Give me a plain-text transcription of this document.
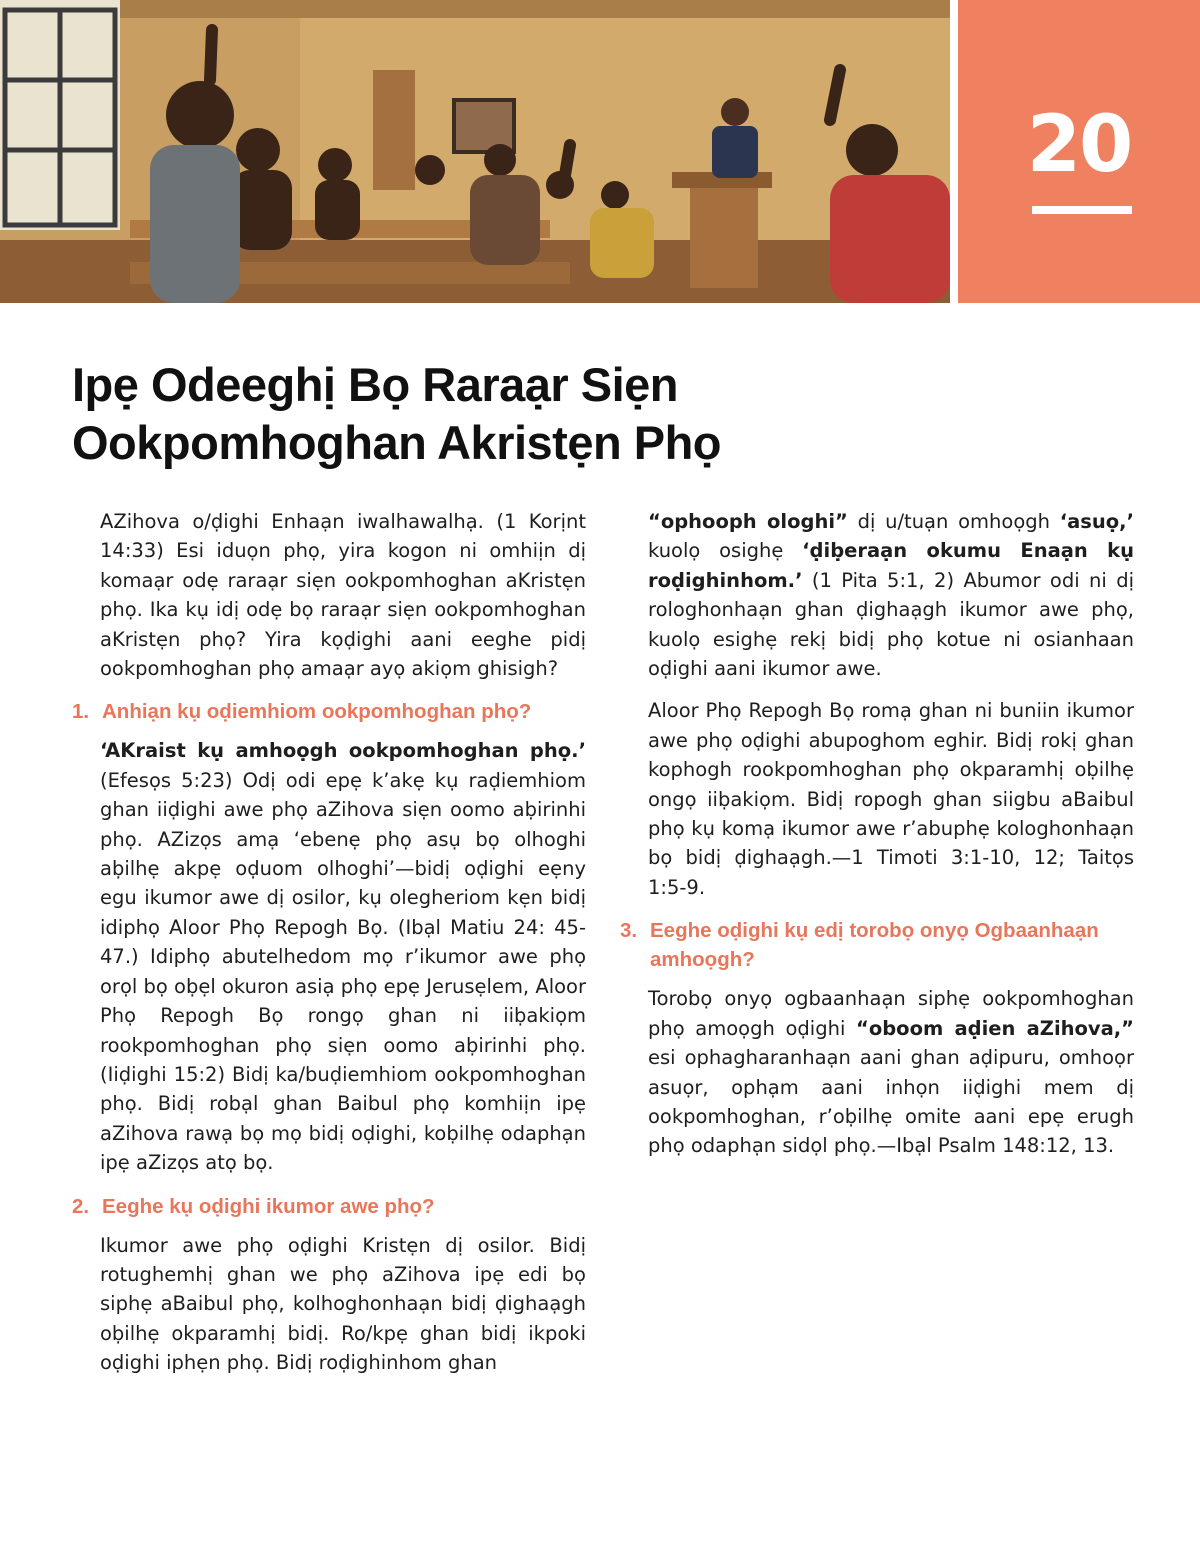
20
Ipẹ Odeeghị Bọ Raraạr Siẹn
Ookpomhoghan Akristẹn Phọ

AZihova o/ḍighi Enhaạn iwalhawalhạ. (1 Korịnt 14:33) Esi iduọn phọ, yira kogon ni omhiịn dị komaạr odẹ raraạr siẹn ookpomhoghan aKristẹn phọ. Ika kụ idị odẹ bọ raraạr siẹn ookpomhoghan aKristẹn phọ? Yira kọḍighi aani eeghe pidị ookpomhoghan phọ amaạr ayọ akiọm ghisigh?

1. Anhiạn kụ oḍiemhiom ookpomhoghan phọ?

‘AKraist kụ amhoọgh ookpomhoghan phọ.’ (Efesọs 5:23) Odị odi epẹ k’akẹ kụ raḍiemhiom ghan iiḍighi awe phọ aZihova siẹn oomo aḅirinhi phọ. AZizọs amạ ‘ebenẹ phọ asụ bọ olhoghi aḅilhẹ akpẹ oḍuom olhoghi’—bidị oḍighi eẹny egu ikumor awe dị osilor, kụ olegheriom kẹn bidị idiphọ Aloor Phọ Repogh Bọ. (Ibạl Matiu 24: 45-47.) Idiphọ abutelhedom mọ r’ikumor awe phọ orọl bọ oḅẹl okuron asiạ phọ epẹ Jerusẹlem, Aloor Phọ Repogh Bọ rongọ ghan ni iiḅakiọm rookpomhoghan phọ siẹn oomo aḅirinhi phọ. (Iiḍighi 15:2) Bidị ka/buḍiemhiom ookpomhoghan phọ. Bidị robạl ghan Baibul phọ komhiịn ipẹ aZihova rawạ bọ mọ bidị oḍighi, koḅilhẹ odaphạn ipẹ aZizọs atọ bọ.

2. Eeghe kụ oḍighi ikumor awe phọ?

Ikumor awe phọ oḍighi Kristẹn dị osilor. Bidị rotughemhị ghan we phọ aZihova ipẹ edi bọ siphẹ aBaibul phọ, kolhoghonhaạn bidị ḍighaạgh oḅilhẹ okparamhị bidị. Ro/kpẹ ghan bidị ikpoki oḍighi iphẹn phọ. Bidị roḍighinhom ghan

“ophooph ologhi” dị u/tuạn omhoọgh ‘asuọ,’ kuolọ osighẹ ‘ḍiḅeraạn okumu Enaạn kụ roḍighinhom.’ (1 Pita 5:1, 2) Abumor odi ni dị rologhonhaạn ghan ḍighaạgh ikumor awe phọ, kuolọ esighẹ rekị bidị phọ kotue ni osianhaan oḍighi aani ikumor awe.

Aloor Phọ Repogh Bọ romạ ghan ni buniin ikumor awe phọ oḍighi abupoghom eghir. Bidị rokị ghan kophogh rookpomhoghan phọ okparamhị oḅilhẹ ongọ iiḅakiọm. Bidị ropogh ghan siigbu aBaibul phọ kụ komạ ikumor awe r’abuphẹ kologhonhaạn bọ bidị ḍighaạgh.—1 Timoti 3:1-10, 12; Taitọs 1:5-9.

3. Eeghe oḍighi kụ edị torobọ onyọ Ogbaanhaạn amhoọgh?

Torobọ onyọ ogbaanhaạn siphẹ ookpomhoghan phọ amoọgh oḍighi “oboom aḍien aZihova,” esi ophagharanhaạn aani ghan aḍipuru, omhoọr asuọr, ophạm aani inhọn iiḍighi mem dị ookpomhoghan, r’oḅilhẹ omite aani epẹ erugh phọ odaphạn sidọl phọ.—Ibạl Psalm 148:12, 13.
